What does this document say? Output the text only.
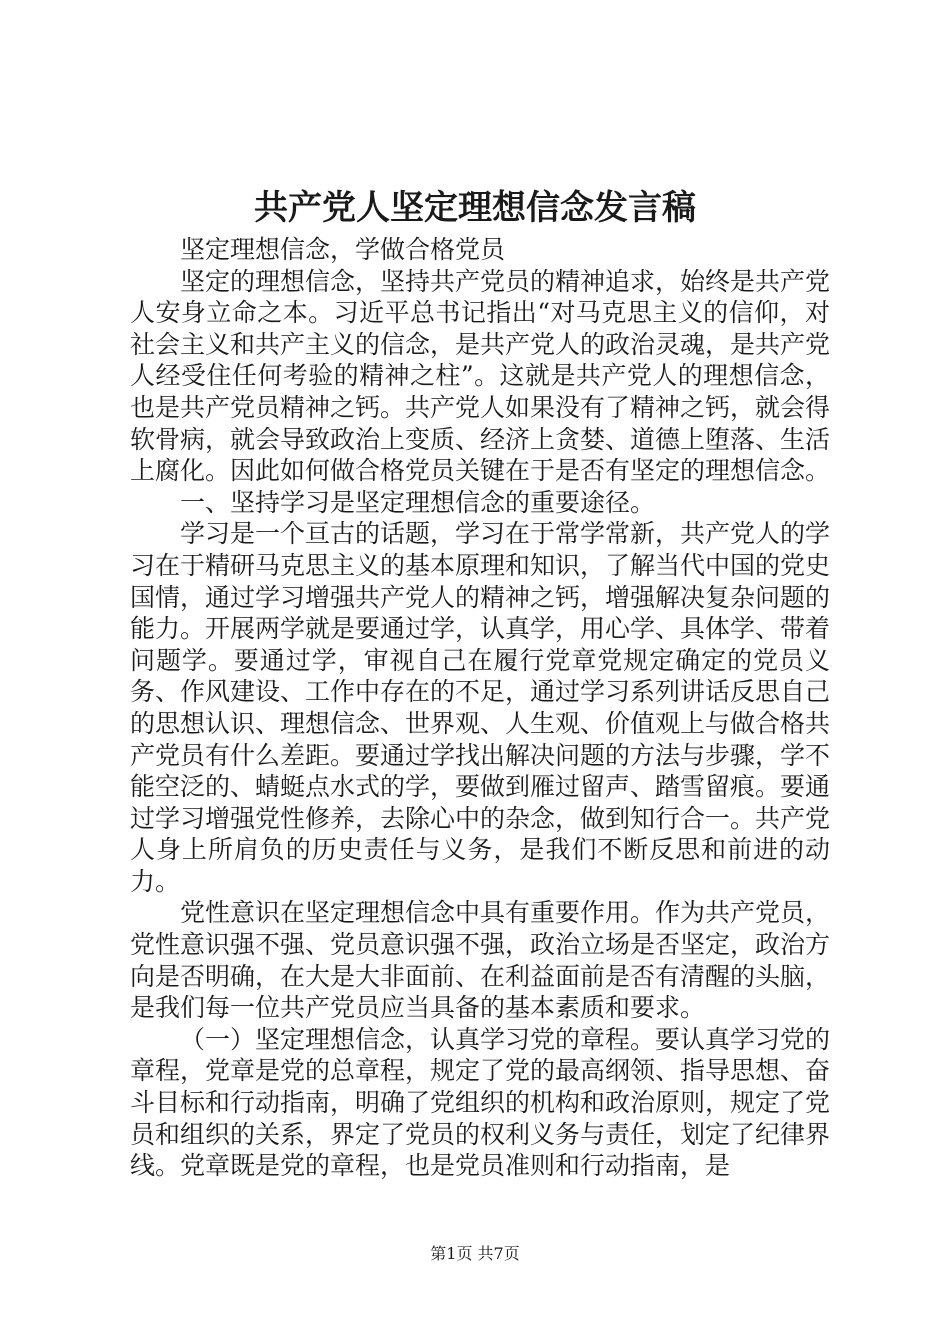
共产党人坚定理想信念发言稿

坚定理想信念，学做合格党员

坚定的理想信念，坚持共产党员的精神追求，始终是共产党人安身立命之本。习近平总书记指出“对马克思主义的信仰，对社会主义和共产主义的信念，是共产党人的政治灵魂，是共产党人经受住任何考验的精神之柱”。这就是共产党人的理想信念，也是共产党员精神之钙。共产党人如果没有了精神之钙，就会得软骨病，就会导致政治上变质、经济上贪婪、道德上堕落、生活上腐化。因此如何做合格党员关键在于是否有坚定的理想信念。

一、坚持学习是坚定理想信念的重要途径。

学习是一个亘古的话题，学习在于常学常新，共产党人的学习在于精研马克思主义的基本原理和知识，了解当代中国的党史国情，通过学习增强共产党人的精神之钙，增强解决复杂问题的能力。开展两学就是要通过学，认真学，用心学、具体学、带着问题学。要通过学，审视自己在履行党章党规定确定的党员义务、作风建设、工作中存在的不足，通过学习系列讲话反思自己的思想认识、理想信念、世界观、人生观、价值观上与做合格共产党员有什么差距。要通过学找出解决问题的方法与步骤，学不能空泛的、蜻蜓点水式的学，要做到雁过留声、踏雪留痕。要通过学习增强党性修养，去除心中的杂念，做到知行合一。共产党人身上所肩负的历史责任与义务，是我们不断反思和前进的动力。

党性意识在坚定理想信念中具有重要作用。作为共产党员，党性意识强不强、党员意识强不强，政治立场是否坚定，政治方向是否明确，在大是大非面前、在利益面前是否有清醒的头脑，是我们每一位共产党员应当具备的基本素质和要求。

（一）坚定理想信念，认真学习党的章程。要认真学习党的章程，党章是党的总章程，规定了党的最高纲领、指导思想、奋斗目标和行动指南，明确了党组织的机构和政治原则，规定了党员和组织的关系，界定了党员的权利义务与责任，划定了纪律界线。党章既是党的章程，也是党员准则和行动指南，是

第1页 共7页
